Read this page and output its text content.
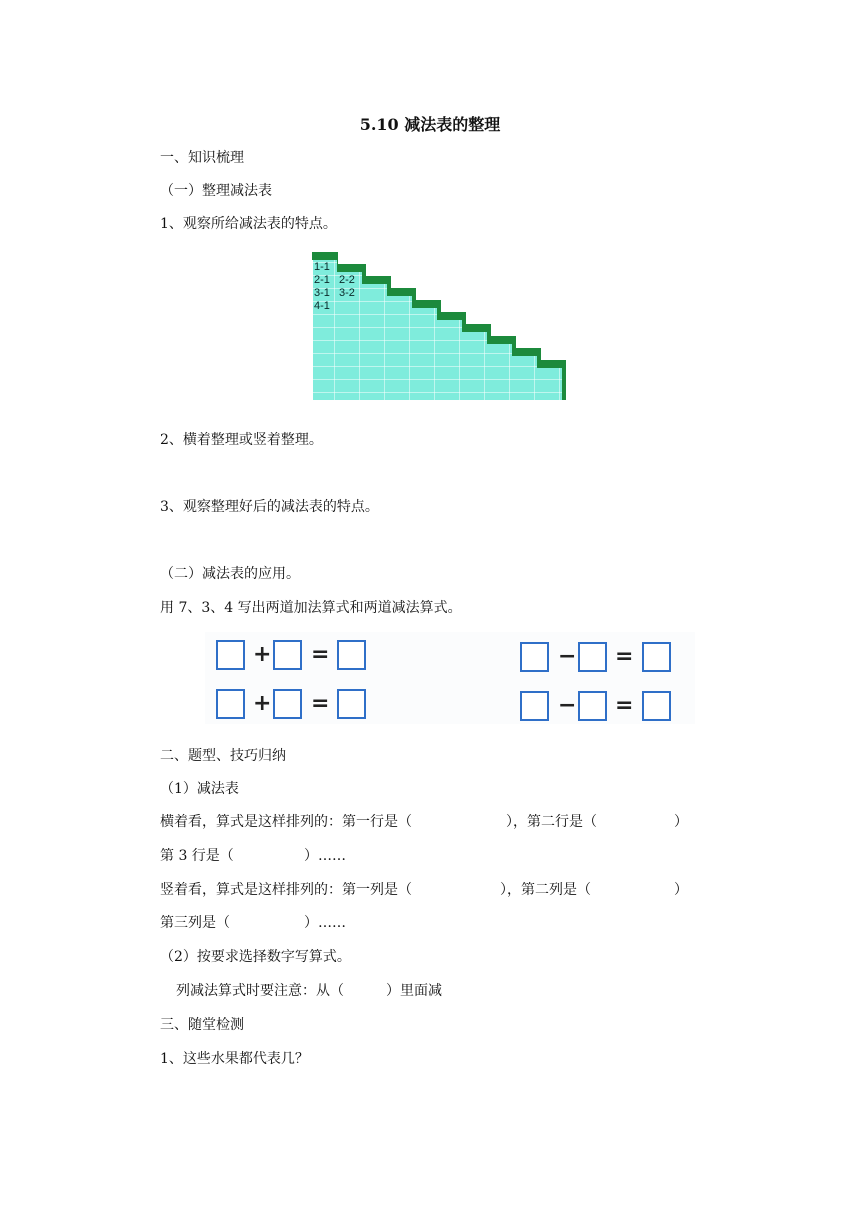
5.10 减法表的整理
一、知识梳理
（一）整理减法表
1、观察所给减法表的特点。
1-1
2-1 2-2
3-1 3-2
4-1
2、横着整理或竖着整理。
3、观察整理好后的减法表的特点。
（二）减法表的应用。
用 7、3、4 写出两道加法算式和两道减法算式。
+ =	− =
+ =	− =
二、题型、技巧归纳
（1）减法表
横着看，算式是这样排列的：第一行是（	），第二行是（	）
第 3 行是（	）……
竖着看，算式是这样排列的：第一列是（	），第二列是（	）
第三列是（	）……
（2）按要求选择数字写算式。
列减法算式时要注意：从（	）里面减
三、随堂检测
1、这些水果都代表几？
